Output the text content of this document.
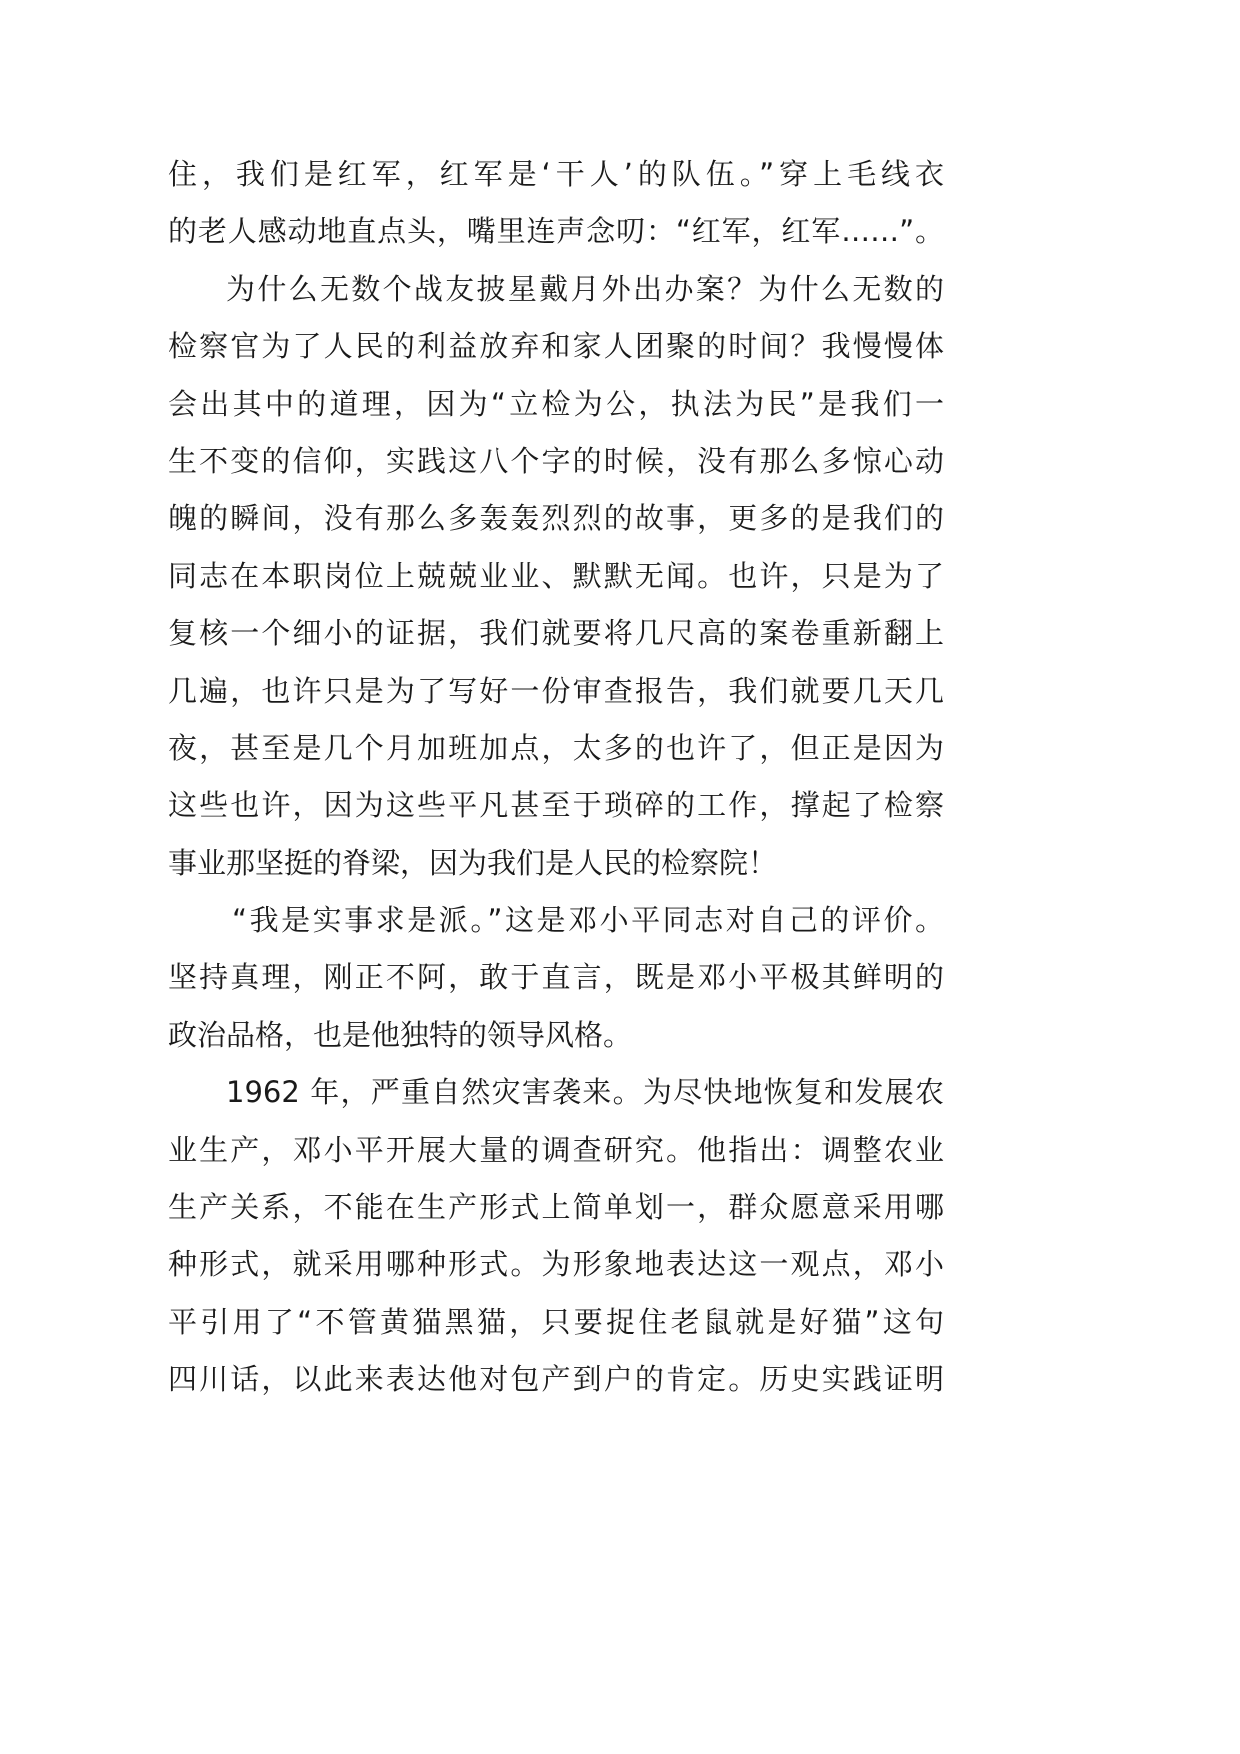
住，我们是红军，红军是‘干人’的队伍。”穿上毛线衣
的老人感动地直点头，嘴里连声念叨：“红军，红军……”。
为什么无数个战友披星戴月外出办案？为什么无数的
检察官为了人民的利益放弃和家人团聚的时间？我慢慢体
会出其中的道理，因为“立检为公，执法为民”是我们一
生不变的信仰，实践这八个字的时候，没有那么多惊心动
魄的瞬间，没有那么多轰轰烈烈的故事，更多的是我们的
同志在本职岗位上兢兢业业、默默无闻。也许，只是为了
复核一个细小的证据，我们就要将几尺高的案卷重新翻上
几遍，也许只是为了写好一份审查报告，我们就要几天几
夜，甚至是几个月加班加点，太多的也许了，但正是因为
这些也许，因为这些平凡甚至于琐碎的工作，撑起了检察
事业那坚挺的脊梁，因为我们是人民的检察院！
“我是实事求是派。”这是邓小平同志对自己的评价。
坚持真理，刚正不阿，敢于直言，既是邓小平极其鲜明的
政治品格，也是他独特的领导风格。
1962 年，严重自然灾害袭来。为尽快地恢复和发展农
业生产，邓小平开展大量的调查研究。他指出：调整农业
生产关系，不能在生产形式上简单划一，群众愿意采用哪
种形式，就采用哪种形式。为形象地表达这一观点，邓小
平引用了“不管黄猫黑猫，只要捉住老鼠就是好猫”这句
四川话，以此来表达他对包产到户的肯定。历史实践证明
